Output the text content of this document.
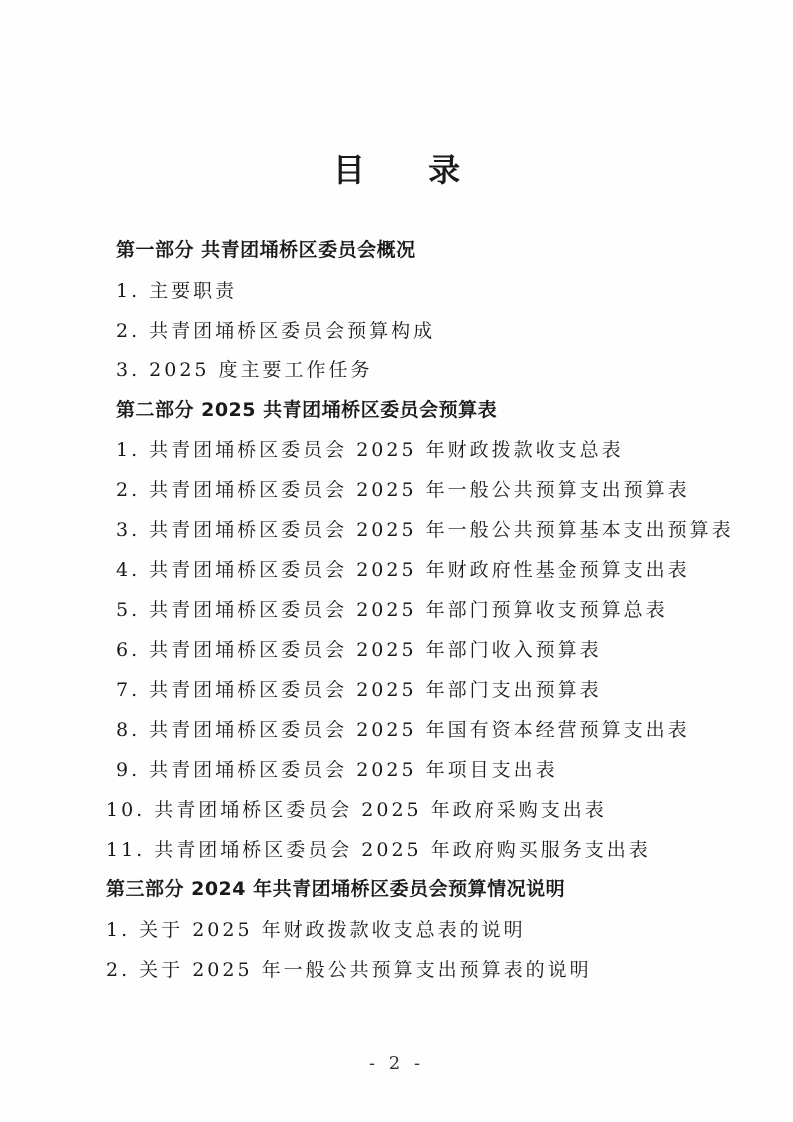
目 录
第一部分 共青团埇桥区委员会概况
1. 主要职责
2. 共青团埇桥区委员会预算构成
3. 2025 度主要工作任务
第二部分 2025 共青团埇桥区委员会预算表
1. 共青团埇桥区委员会 2025 年财政拨款收支总表
2. 共青团埇桥区委员会 2025 年一般公共预算支出预算表
3. 共青团埇桥区委员会 2025 年一般公共预算基本支出预算表
4. 共青团埇桥区委员会 2025 年财政府性基金预算支出表
5. 共青团埇桥区委员会 2025 年部门预算收支预算总表
6. 共青团埇桥区委员会 2025 年部门收入预算表
7. 共青团埇桥区委员会 2025 年部门支出预算表
8. 共青团埇桥区委员会 2025 年国有资本经营预算支出表
9. 共青团埇桥区委员会 2025 年项目支出表
10. 共青团埇桥区委员会 2025 年政府采购支出表
11. 共青团埇桥区委员会 2025 年政府购买服务支出表
第三部分 2024 年共青团埇桥区委员会预算情况说明
1. 关于 2025 年财政拨款收支总表的说明
2. 关于 2025 年一般公共预算支出预算表的说明
- 2 -
